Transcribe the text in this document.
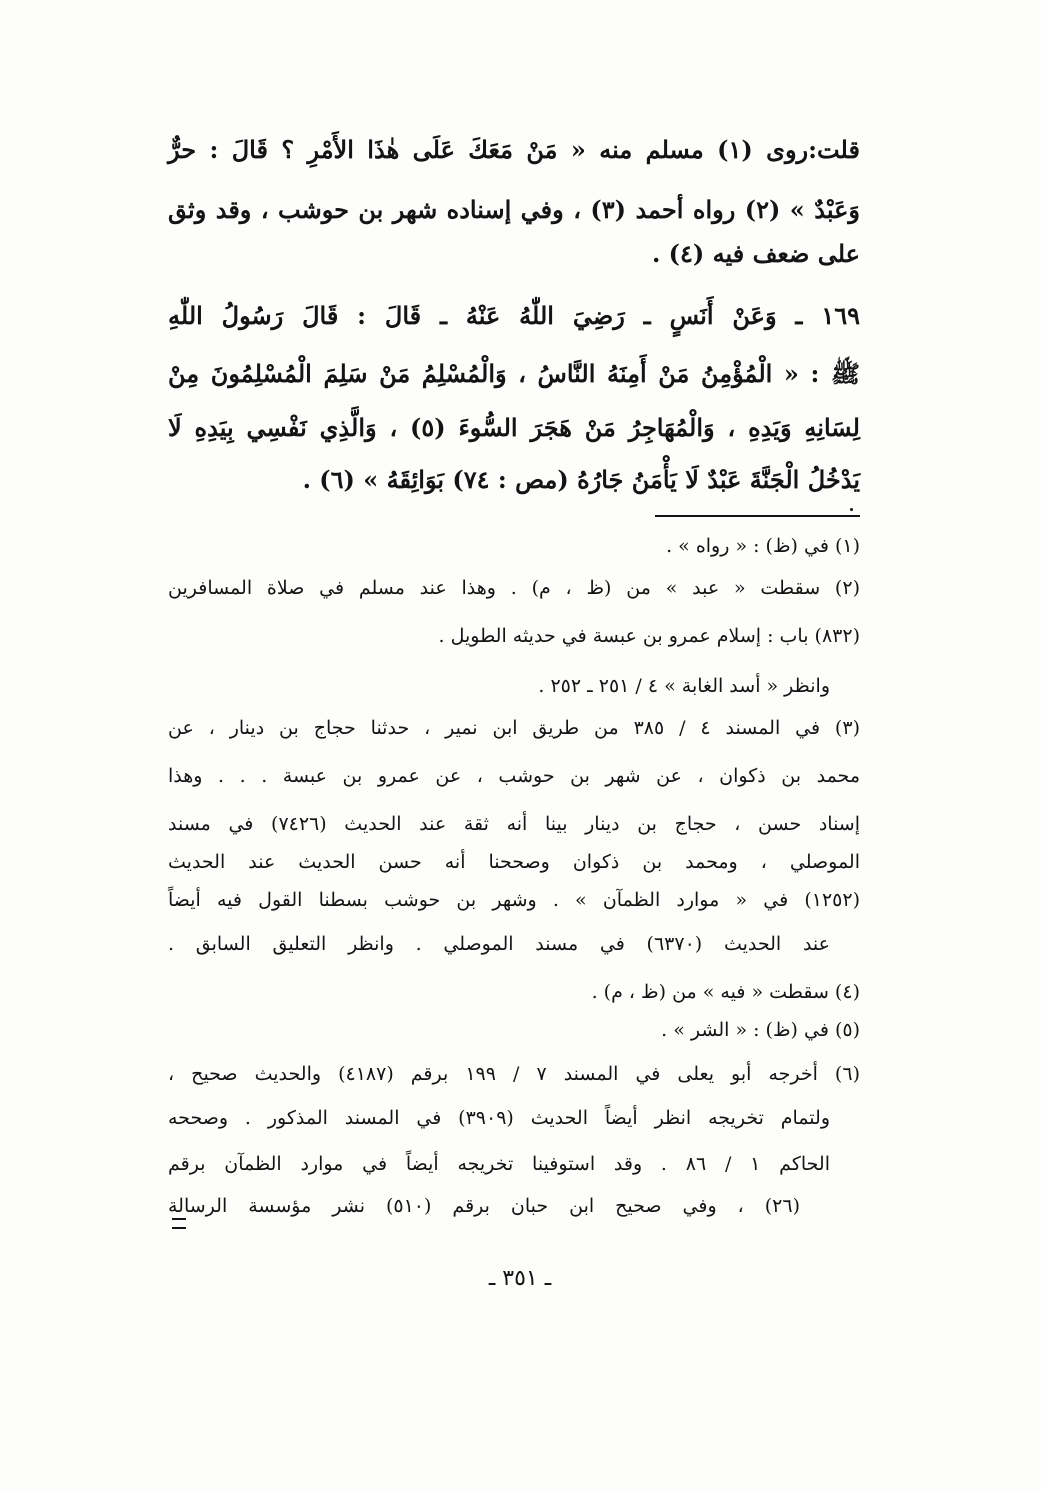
قلت:روى (١) مسلم منه « مَنْ مَعَكَ عَلَى هٰذَا الأَمْرِ ؟ قَالَ : حرٌّ

وَعَبْدٌ » (٢) رواه أحمد (٣) ، وفي إسناده شهر بن حوشب ، وقد وثق

على ضعف فيه (٤) .

١٦٩ ـ وَعَنْ أَنَسٍ ـ رَضِيَ اللّٰهُ عَنْهُ ـ قَالَ : قَالَ رَسُولُ اللّٰهِ

ﷺ : « الْمُؤْمِنُ مَنْ أَمِنَهُ النَّاسُ ، وَالْمُسْلِمُ مَنْ سَلِمَ الْمُسْلِمُونَ مِنْ

لِسَانِهِ وَيَدِهِ ، وَالْمُهَاجِرُ مَنْ هَجَرَ السُّوءَ (٥) ، وَالَّذِي نَفْسِي بِيَدِهِ لَا

يَدْخُلُ الْجَنَّةَ عَبْدٌ لَا يَأْمَنُ جَارُهُ (مص : ٧٤) بَوَائِقَهُ » (٦) .

(١) في (ظ) : « رواه » .

(٢) سقطت « عبد » من (ظ ، م) . وهذا عند مسلم في صلاة المسافرين

(٨٣٢) باب : إسلام عمرو بن عبسة في حديثه الطويل .

وانظر « أسد الغابة » ٤ / ٢٥١ ـ ٢٥٢ .

(٣) في المسند ٤ / ٣٨٥ من طريق ابن نمير ، حدثنا حجاج بن دينار ، عن

محمد بن ذكوان ، عن شهر بن حوشب ، عن عمرو بن عبسة . . . وهذا

إسناد حسن ، حجاج بن دينار بينا أنه ثقة عند الحديث (٧٤٢٦) في مسند

الموصلي ، ومحمد بن ذكوان وصححنا أنه حسن الحديث عند الحديث

(١٢٥٢) في « موارد الظمآن » . وشهر بن حوشب بسطنا القول فيه أيضاً

عند الحديث (٦٣٧٠) في مسند الموصلي . وانظر التعليق السابق .

(٤) سقطت « فيه » من (ظ ، م) .

(٥) في (ظ) : « الشر » .

(٦) أخرجه أبو يعلى في المسند ٧ / ١٩٩ برقم (٤١٨٧) والحديث صحيح ،

ولتمام تخريجه انظر أيضاً الحديث (٣٩٠٩) في المسند المذكور . وصححه

الحاكم ١ / ٨٦ . وقد استوفينا تخريجه أيضاً في موارد الظمآن برقم

(٢٦) ، وفي صحيح ابن حبان برقم (٥١٠) نشر مؤسسة الرسالة

ـ ٣٥١ ـ
